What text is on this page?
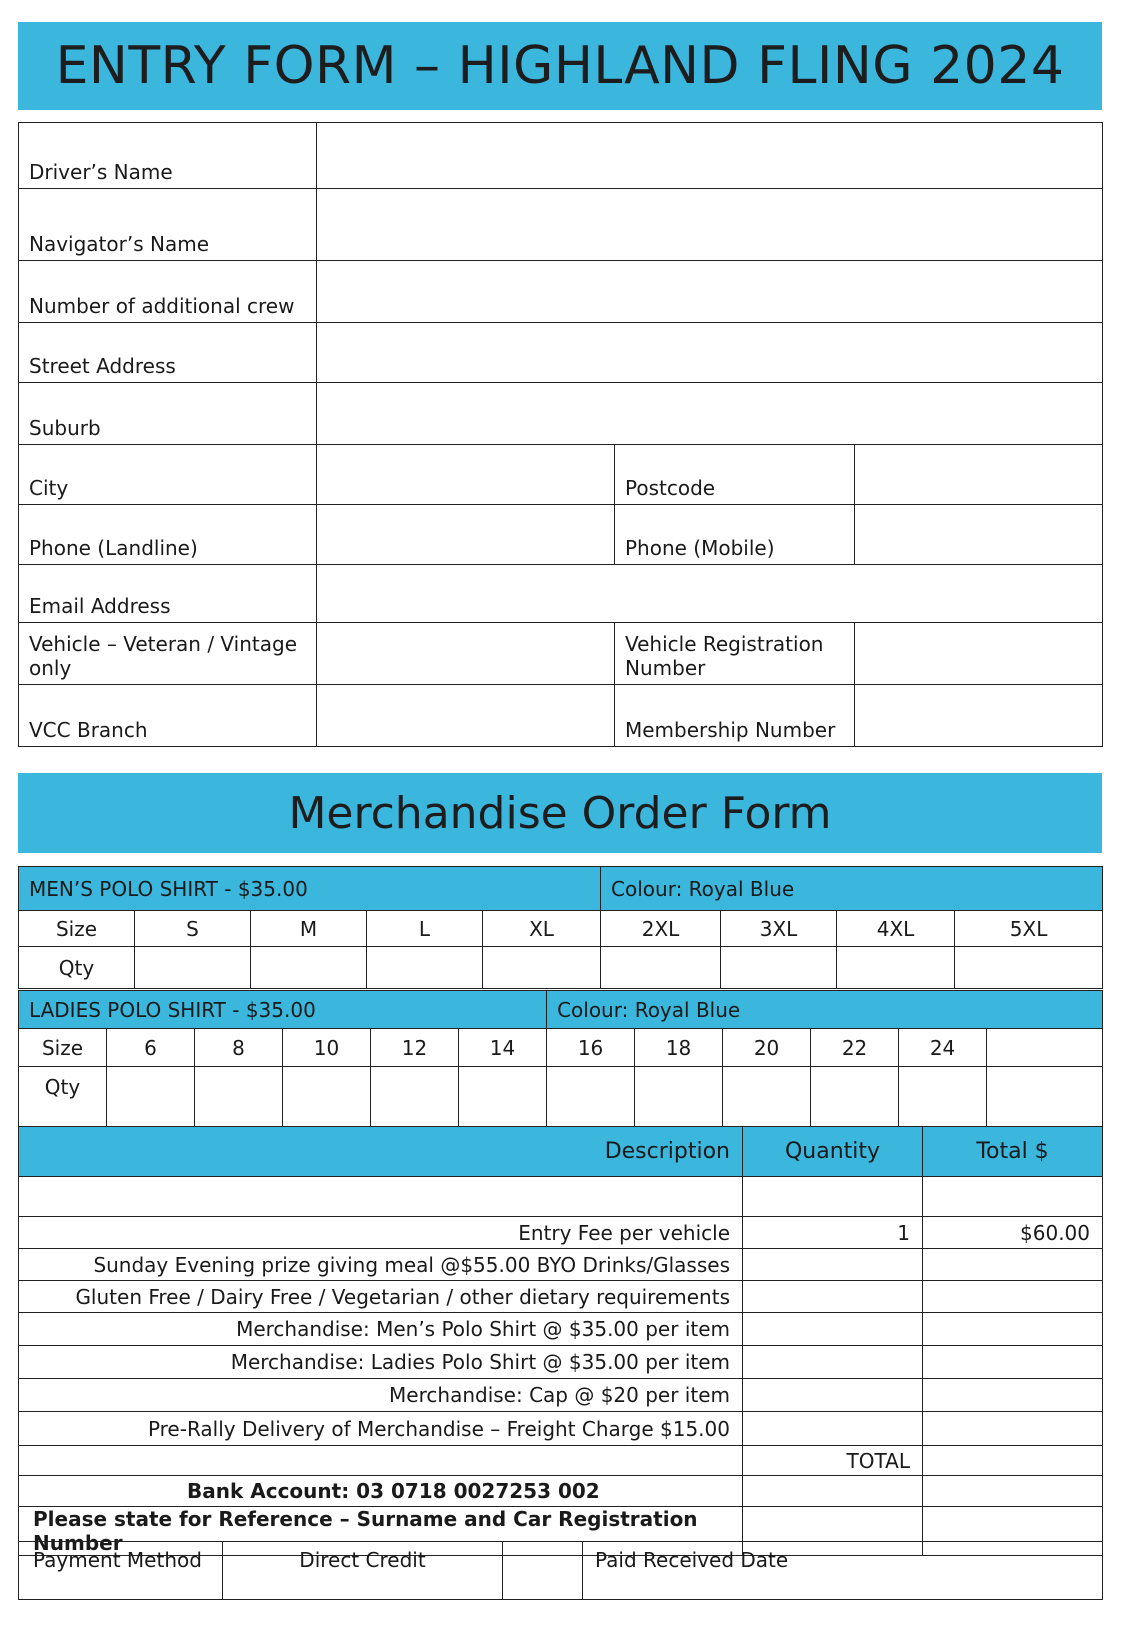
ENTRY FORM – HIGHLAND FLING 2024
Driver’s Name			
Navigator’s Name			
Number of additional crew			
Street Address			
Suburb			
City		Postcode	
Phone (Landline)		Phone (Mobile)	
Email Address			
Vehicle – Veteran / Vintage only		Vehicle Registration Number	
VCC Branch		Membership Number	
Merchandise Order Form
MEN’S POLO SHIRT - $35.00					Colour: Royal Blue			
Size	S	M	L	XL	2XL	3XL	4XL	5XL
Qty								
LADIES POLO SHIRT - $35.00						Colour: Royal Blue					
Size	6	8	10	12	14	16	18	20	22	24	
Qty											
Description	Quantity	Total $

Entry Fee per vehicle	1	$60.00
Sunday Evening prize giving meal @$55.00 BYO Drinks/Glasses		
Gluten Free / Dairy Free / Vegetarian / other dietary requirements		
Merchandise: Men’s Polo Shirt @ $35.00 per item		
Merchandise: Ladies Polo Shirt @ $35.00 per item		
Merchandise: Cap @ $20 per item		
Pre-Rally Delivery of Merchandise – Freight Charge $15.00		
	TOTAL	
Bank Account: 03 0718 0027253 002		
Please state for Reference – Surname and Car Registration Number		
Payment Method	Direct Credit		Paid Received Date
